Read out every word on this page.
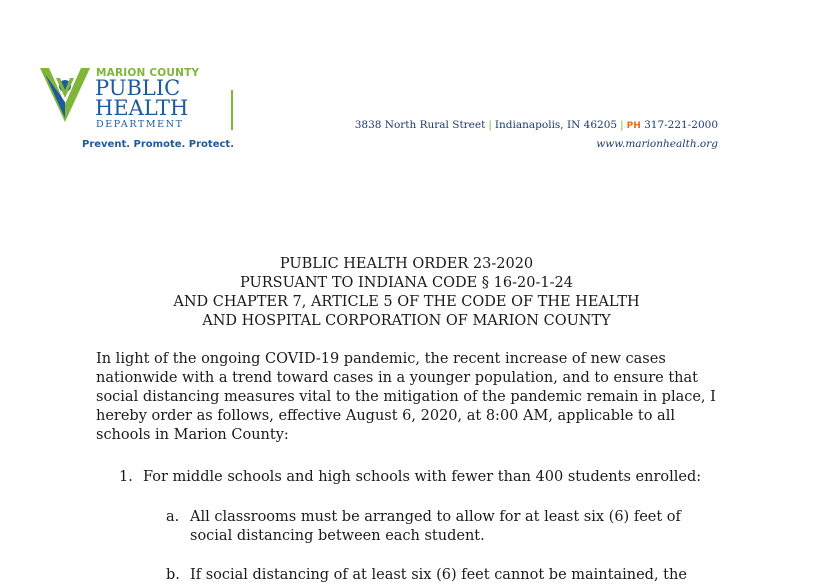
MARION COUNTY
PUBLIC
HEALTH
DEPARTMENT
Prevent. Promote. Protect.
3838 North Rural Street | Indianapolis, IN 46205 | PH 317-221-2000
www.marionhealth.org
PUBLIC HEALTH ORDER 23-2020
PURSUANT TO INDIANA CODE § 16-20-1-24
AND CHAPTER 7, ARTICLE 5 OF THE CODE OF THE HEALTH
AND HOSPITAL CORPORATION OF MARION COUNTY
In light of the ongoing COVID-19 pandemic, the recent increase of new cases
nationwide with a trend toward cases in a younger population, and to ensure that
social distancing measures vital to the mitigation of the pandemic remain in place, I
hereby order as follows, effective August 6, 2020, at 8:00 AM, applicable to all
schools in Marion County:
1. For middle schools and high schools with fewer than 400 students enrolled:
a. All classrooms must be arranged to allow for at least six (6) feet of
social distancing between each student.
b. If social distancing of at least six (6) feet cannot be maintained, the
